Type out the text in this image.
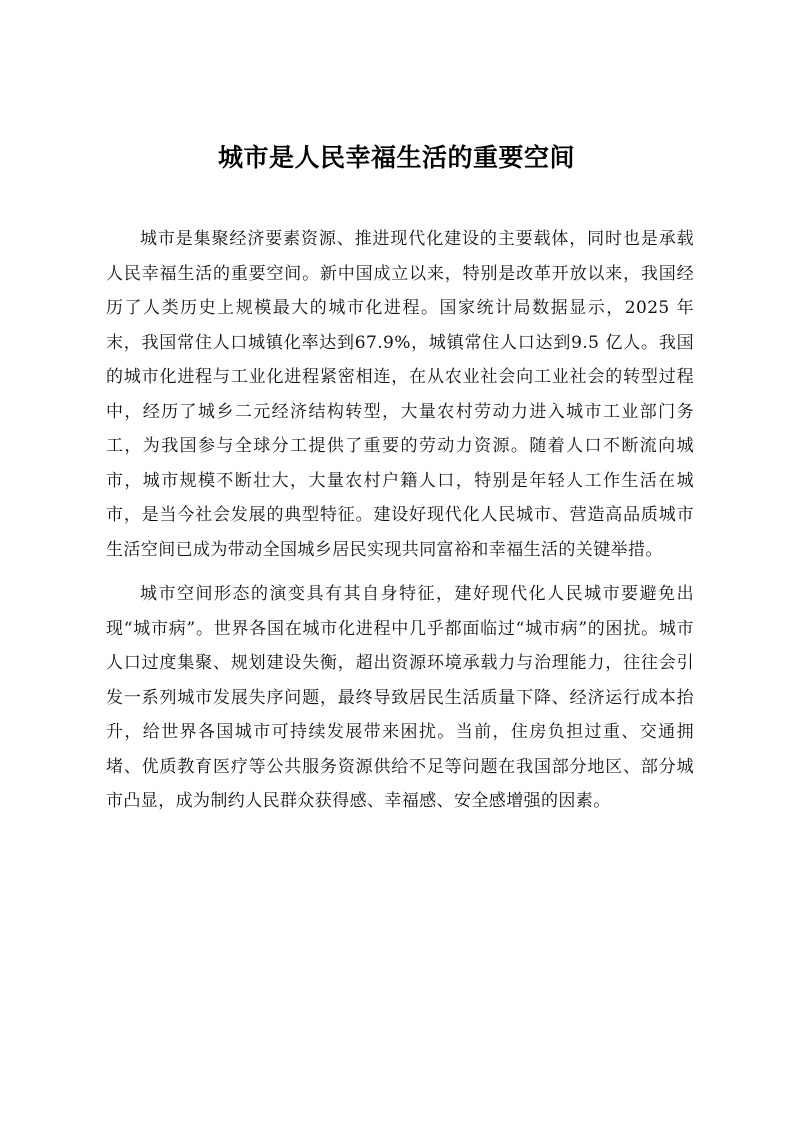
城市是人民幸福生活的重要空间

城市是集聚经济要素资源、推进现代化建设的主要载体，同时也是承载人民幸福生活的重要空间。新中国成立以来，特别是改革开放以来，我国经历了人类历史上规模最大的城市化进程。国家统计局数据显示，2025 年末，我国常住人口城镇化率达到67.9%，城镇常住人口达到9.5 亿人。我国的城市化进程与工业化进程紧密相连，在从农业社会向工业社会的转型过程中，经历了城乡二元经济结构转型，大量农村劳动力进入城市工业部门务工，为我国参与全球分工提供了重要的劳动力资源。随着人口不断流向城市，城市规模不断壮大，大量农村户籍人口，特别是年轻人工作生活在城市，是当今社会发展的典型特征。建设好现代化人民城市、营造高品质城市生活空间已成为带动全国城乡居民实现共同富裕和幸福生活的关键举措。

城市空间形态的演变具有其自身特征，建好现代化人民城市要避免出现“城市病”。世界各国在城市化进程中几乎都面临过“城市病”的困扰。城市人口过度集聚、规划建设失衡，超出资源环境承载力与治理能力，往往会引发一系列城市发展失序问题，最终导致居民生活质量下降、经济运行成本抬升，给世界各国城市可持续发展带来困扰。当前，住房负担过重、交通拥堵、优质教育医疗等公共服务资源供给不足等问题在我国部分地区、部分城市凸显，成为制约人民群众获得感、幸福感、安全感增强的因素。
